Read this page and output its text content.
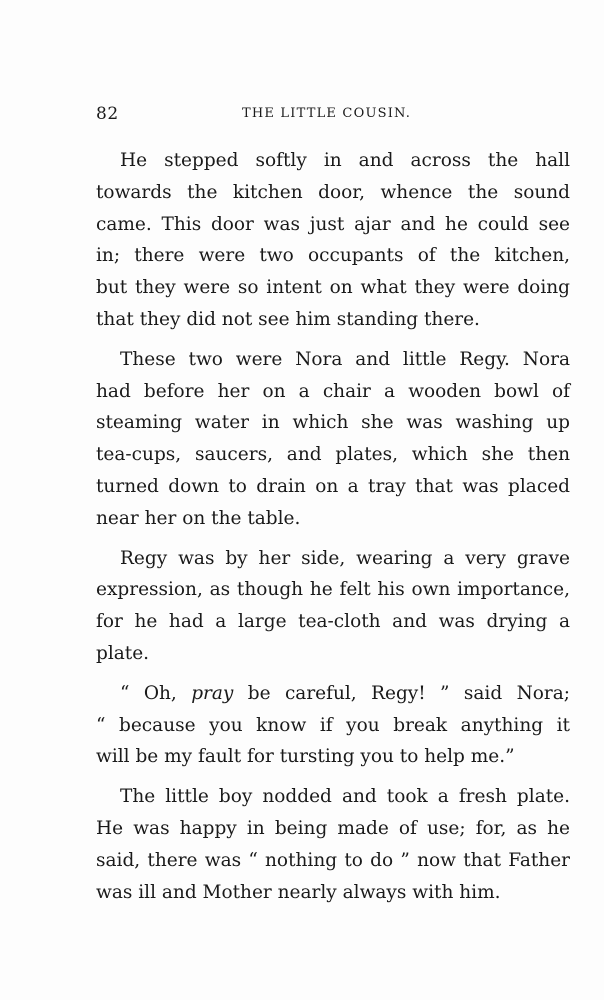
82	THE LITTLE COUSIN.

He stepped softly in and across the hall
towards the kitchen door, whence the sound
came. This door was just ajar and he could see
in; there were two occupants of the kitchen,
but they were so intent on what they were doing
that they did not see him standing there.

These two were Nora and little Regy. Nora
had before her on a chair a wooden bowl of
steaming water in which she was washing up
tea-cups, saucers, and plates, which she then
turned down to drain on a tray that was placed
near her on the table.

Regy was by her side, wearing a very grave
expression, as though he felt his own importance,
for he had a large tea-cloth and was drying a
plate.

“ Oh, pray be careful, Regy! ” said Nora;
“ because you know if you break anything it
will be my fault for tursting you to help me.”

The little boy nodded and took a fresh plate.
He was happy in being made of use; for, as he
said, there was “ nothing to do ” now that Father
was ill and Mother nearly always with him.
